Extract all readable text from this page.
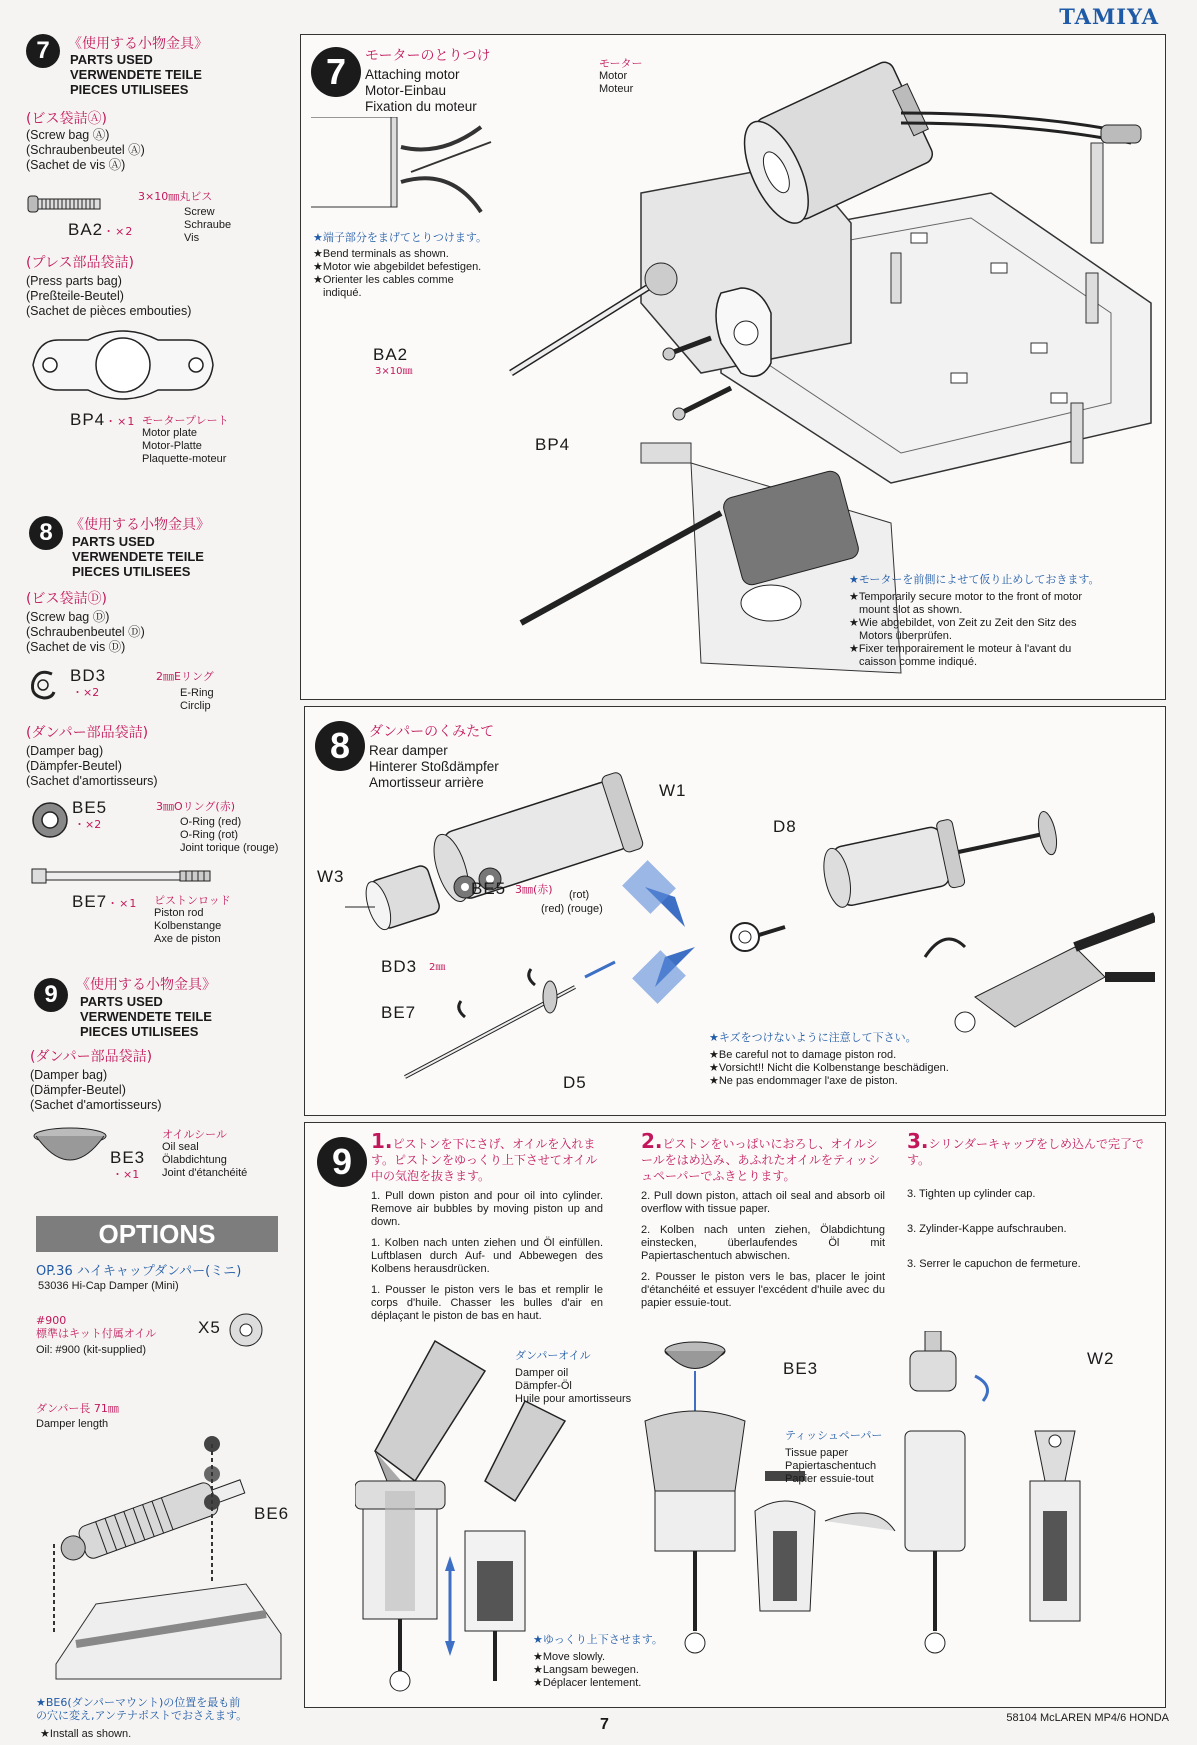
TAMIYA
7	《使用する小物金具》
PARTS USED
VERWENDETE TEILE
PIECES UTILISEES
(ビス袋詰Ⓐ)
(Screw bag Ⓐ)
(Schraubenbeutel Ⓐ)
(Sachet de vis Ⓐ)
BA2・×2
3×10㎜丸ビス
Screw
Schraube
Vis
(プレス部品袋詰)
(Press parts bag)
(Preßteile-Beutel)
(Sachet de pièces embouties)
BP4・×1 モータープレート
Motor plate
Motor-Platte
Plaquette-moteur
8	《使用する小物金具》
PARTS USED
VERWENDETE TEILE
PIECES UTILISEES
(ビス袋詰Ⓓ)
(Screw bag Ⓓ)
(Schraubenbeutel Ⓓ)
(Sachet de vis Ⓓ)
BD3
・×2
2㎜Eリング
E-Ring
Circlip
(ダンパー部品袋詰)
(Damper bag)
(Dämpfer-Beutel)
(Sachet d'amortisseurs)
BE5
・×2
3㎜Oリング(赤)
O-Ring (red)
O-Ring (rot)
Joint torique (rouge)
BE7・×1 ピストンロッド
Piston rod
Kolbenstange
Axe de piston
9	《使用する小物金具》
PARTS USED
VERWENDETE TEILE
PIECES UTILISEES
(ダンパー部品袋詰)
(Damper bag)
(Dämpfer-Beutel)
(Sachet d'amortisseurs)
BE3
・×1
オイルシール
Oil seal
Ölabdichtung
Joint d'étanchéité
OPTIONS
OP.36 ハイキャップダンパー(ミニ)
53036 Hi-Cap Damper (Mini)
#900
標準はキット付属オイル
Oil: #900 (kit-supplied)
X5
ダンパー長 71㎜
Damper length
BE6
★BE6(ダンパーマウント)の位置を最も前
の穴に変え,アンテナポストでおさえます。
★Install as shown.
7	モーターのとりつけ
Attaching motor
Motor-Einbau
Fixation du moteur
モーター
Motor
Moteur
★端子部分をまげてとりつけます。
★Bend terminals as shown.
★Motor wie abgebildet befestigen.
★Orienter les cables comme
indiqué.
BA2
3×10㎜
BP4
★モーターを前側によせて仮り止めしておきます。
★Temporarily secure motor to the front of motor
mount slot as shown.
★Wie abgebildet, von Zeit zu Zeit den Sitz des
Motors überprüfen.
★Fixer temporairement le moteur à l'avant du
caisson comme indiqué.
8	ダンパーのくみたて
Rear damper
Hinterer Stoßdämpfer
Amortisseur arrière	W1
W3
BE5 3㎜(赤) (rot)
(red) (rouge)
D8
BD3 2㎜
BE7
D5
★キズをつけないように注意して下さい。
★Be careful not to damage piston rod.
★Vorsicht!! Nicht die Kolbenstange beschädigen.
★Ne pas endommager l'axe de piston.
9 1.ピストンを下にさげ、オイルを入れます。ピストンをゆっくり上下させてオイル中の気泡を抜きます。
1. Pull down piston and pour oil into cylinder. Remove air bubbles by moving piston up and down.
1. Kolben nach unten ziehen und Öl einfüllen. Luftblasen durch Auf- und Abbewegen des Kolbens herausdrücken.
1. Pousser le piston vers le bas et remplir le corps d'huile. Chasser les bulles d'air en déplaçant le piston de bas en haut.
2.ピストンをいっぱいにおろし、オイルシールをはめ込み、あふれたオイルをティッシュペーパーでふきとります。
2. Pull down piston, attach oil seal and absorb oil overflow with tissue paper.
2. Kolben nach unten ziehen, Ölabdichtung einstecken, überlaufendes Öl mit Papiertaschentuch abwischen.
2. Pousser le piston vers le bas, placer le joint d'étanchéité et essuyer l'excédent d'huile avec du papier essuie-tout.
3.シリンダーキャップをしめ込んで完了です。
3. Tighten up cylinder cap.
3. Zylinder-Kappe aufschrauben.
3. Serrer le capuchon de fermeture.
ダンパーオイル
Damper oil
Dämpfer-Öl
Huile pour amortisseurs
BE3
ティッシュペーパー
Tissue paper
Papiertaschentuch
Papier essuie-tout
W2
★ゆっくり上下させます。
★Move slowly.
★Langsam bewegen.
★Déplacer lentement.
7	58104 McLAREN MP4/6 HONDA
